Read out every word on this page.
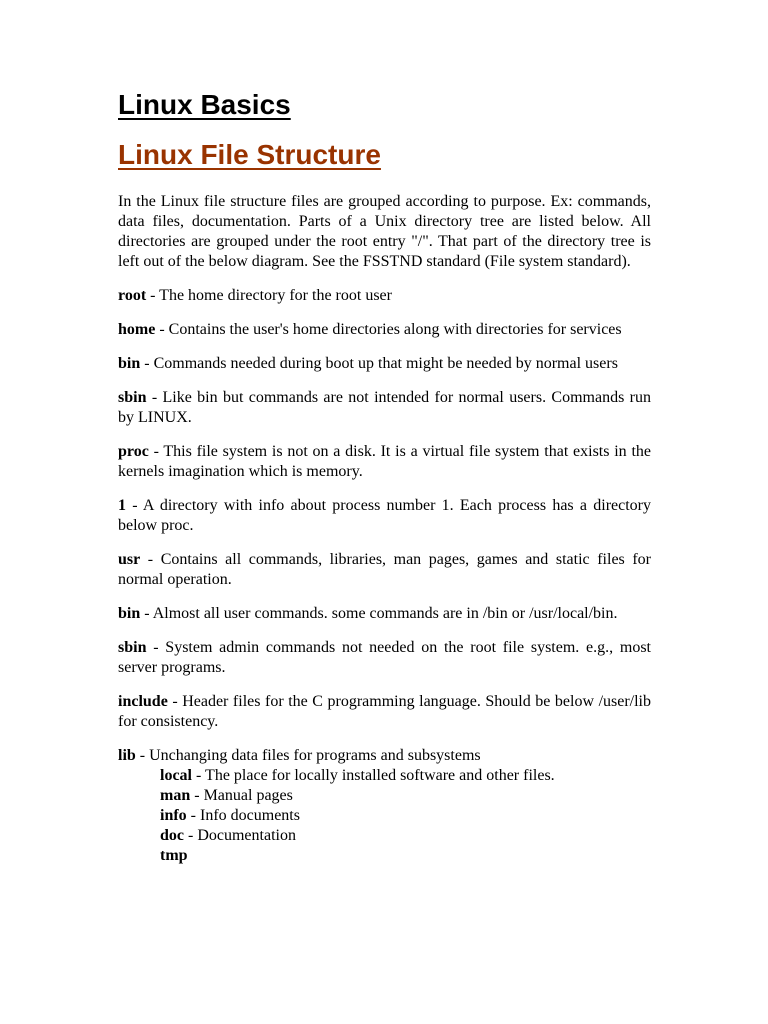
Linux Basics
Linux File Structure

In the Linux file structure files are grouped according to purpose. Ex: commands, data files, documentation. Parts of a Unix directory tree are listed below. All directories are grouped under the root entry "/". That part of the directory tree is left out of the below diagram. See the FSSTND standard (File system standard).

root - The home directory for the root user

home - Contains the user's home directories along with directories for services

bin - Commands needed during boot up that might be needed by normal users

sbin - Like bin but commands are not intended for normal users. Commands run by LINUX.

proc - This file system is not on a disk. It is a virtual file system that exists in the kernels imagination which is memory.

1 - A directory with info about process number 1. Each process has a directory below proc.

usr - Contains all commands, libraries, man pages, games and static files for normal operation.

bin - Almost all user commands. some commands are in /bin or /usr/local/bin.

sbin - System admin commands not needed on the root file system. e.g., most server programs.

include - Header files for the C programming language. Should be below /user/lib for consistency.

lib - Unchanging data files for programs and subsystems

local - The place for locally installed software and other files.

man - Manual pages

info - Info documents

doc - Documentation

tmp
